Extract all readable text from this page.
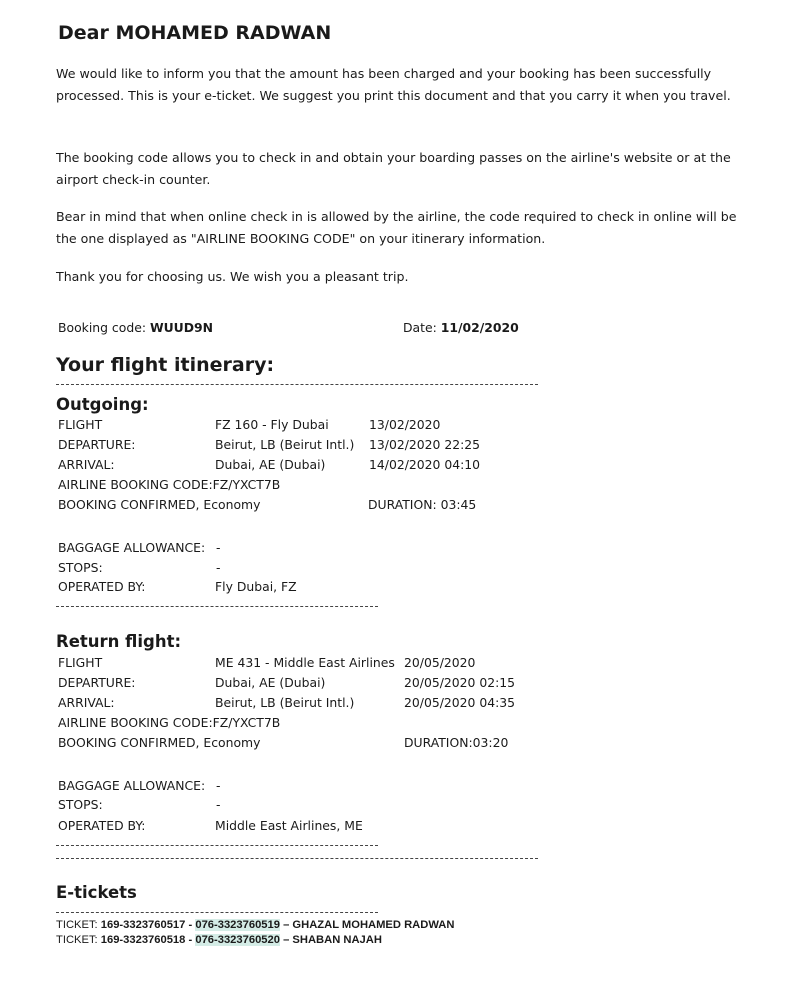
Dear MOHAMED RADWAN
We would like to inform you that the amount has been charged and your booking has been successfully processed. This is your e-ticket. We suggest you print this document and that you carry it when you travel.
The booking code allows you to check in and obtain your boarding passes on the airline's website or at the airport check-in counter.
Bear in mind that when online check in is allowed by the airline, the code required to check in online will be the one displayed as "AIRLINE BOOKING CODE" on your itinerary information.
Thank you for choosing us. We wish you a pleasant trip.
Booking code: WUUD9N	Date: 11/02/2020
Your flight itinerary:
Outgoing:
FLIGHT	FZ 160 - Fly Dubai	13/02/2020
DEPARTURE:	Beirut, LB (Beirut Intl.) 13/02/2020 22:25
ARRIVAL:	Dubai, AE (Dubai)	14/02/2020 04:10
AIRLINE BOOKING CODE:FZ/YXCT7B
BOOKING CONFIRMED, Economy	DURATION: 03:45
BAGGAGE ALLOWANCE: -
STOPS:	-
OPERATED BY:	Fly Dubai, FZ
Return flight:
FLIGHT	ME 431 - Middle East Airlines 20/05/2020
DEPARTURE:	Dubai, AE (Dubai)	20/05/2020 02:15
ARRIVAL:	Beirut, LB (Beirut Intl.)	20/05/2020 04:35
AIRLINE BOOKING CODE:FZ/YXCT7B
BOOKING CONFIRMED, Economy	DURATION:03:20
BAGGAGE ALLOWANCE: -
STOPS:	-
OPERATED BY:	Middle East Airlines, ME
E-tickets
TICKET: 169-3323760517 - 076-3323760519 – GHAZAL MOHAMED RADWAN
TICKET: 169-3323760518 - 076-3323760520 – SHABAN NAJAH
